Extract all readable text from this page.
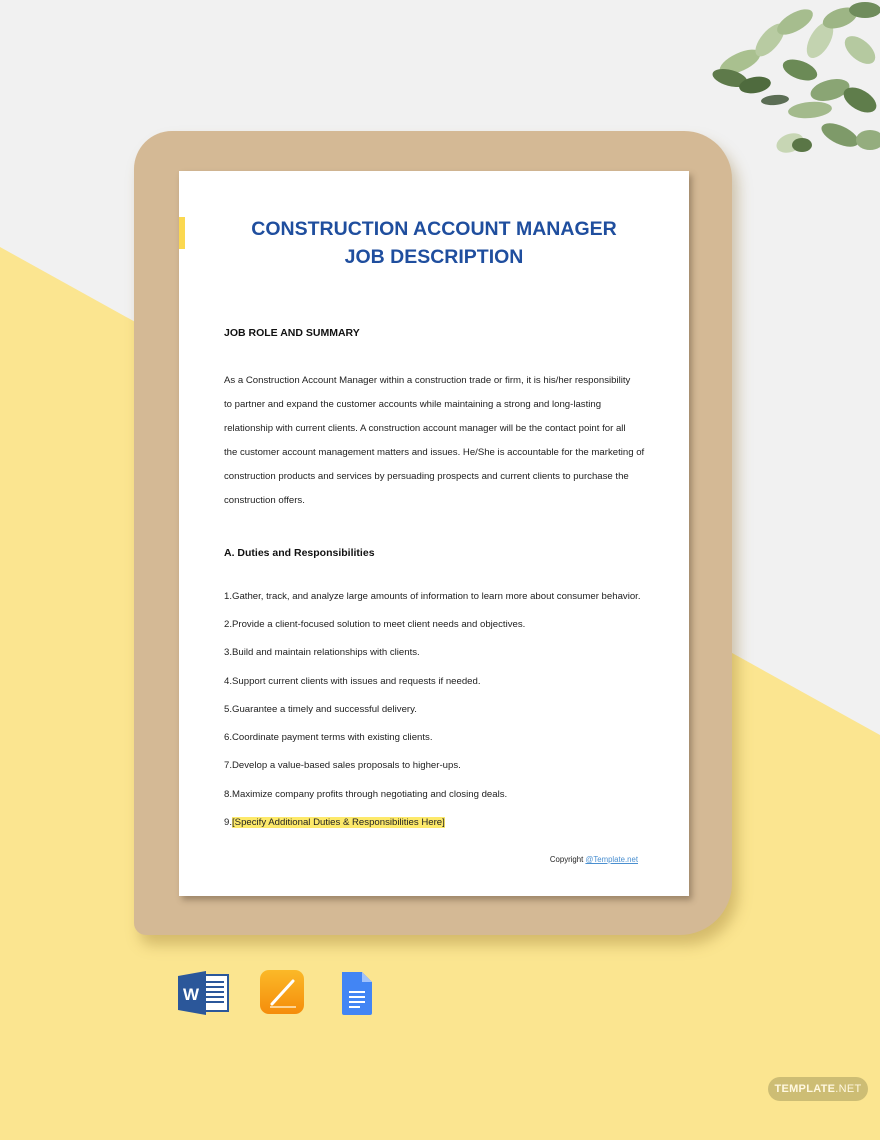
CONSTRUCTION ACCOUNT MANAGER
JOB DESCRIPTION
JOB ROLE AND SUMMARY
As a Construction Account Manager within a construction trade or firm, it is his/her responsibility
to partner and expand the customer accounts while maintaining a strong and long-lasting
relationship with current clients. A construction account manager will be the contact point for all
the customer account management matters and issues. He/She is accountable for the marketing of
construction products and services by persuading prospects and current clients to purchase the
construction offers.
A. Duties and Responsibilities
1.Gather, track, and analyze large amounts of information to learn more about consumer behavior.
2.Provide a client-focused solution to meet client needs and objectives.
3.Build and maintain relationships with clients.
4.Support current clients with issues and requests if needed.
5.Guarantee a timely and successful delivery.
6.Coordinate payment terms with existing clients.
7.Develop a value-based sales proposals to higher-ups.
8.Maximize company profits through negotiating and closing deals.
9.[Specify Additional Duties & Responsibilities Here]
Copyright @Template.net
W
TEMPLATE.NET
